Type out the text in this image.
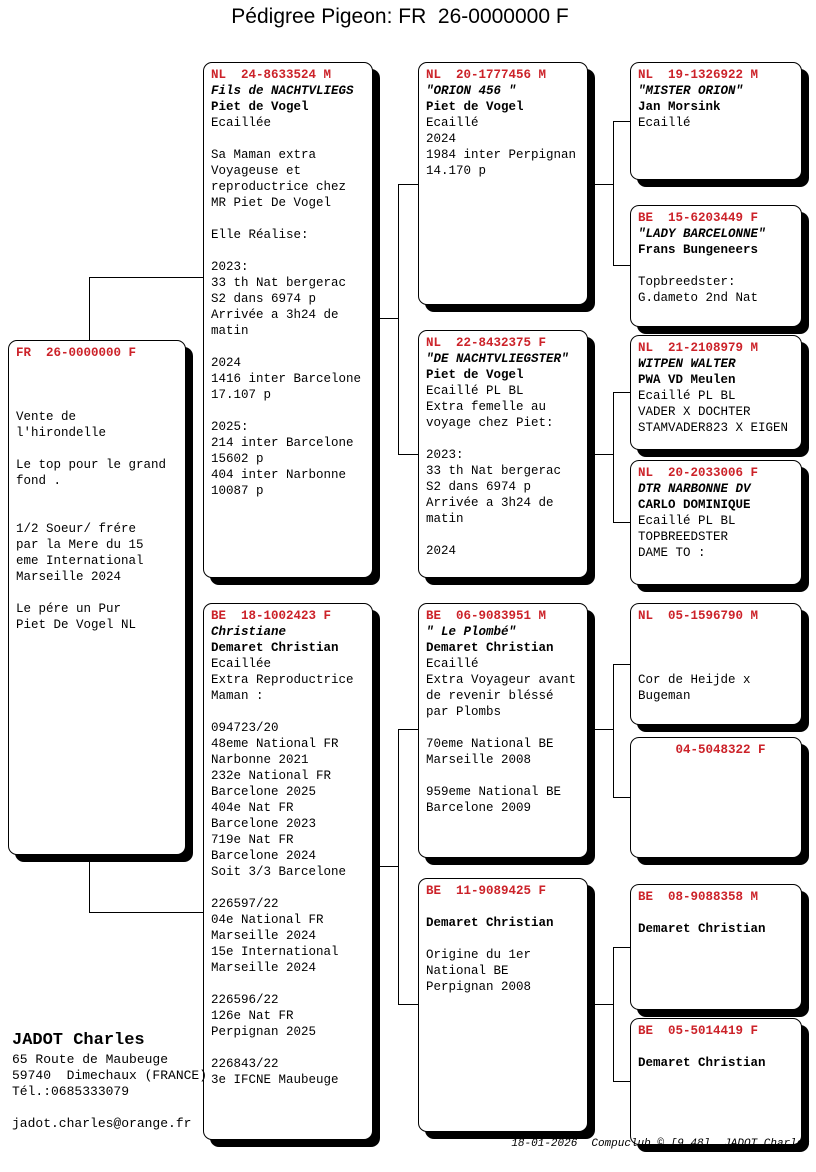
Pédigree Pigeon: FR  26-0000000 F
FR  26-0000000 F

Vente de
l'hirondelle

Le top pour le grand
fond .

1/2 Soeur/ frére
par la Mere du 15
eme International
Marseille 2024

Le pére un Pur
Piet De Vogel NL
NL  24-8633524 M
Fils de NACHTVLIEGS
Piet de Vogel
Ecaillée

Sa Maman extra
Voyageuse et
reproductrice chez
MR Piet De Vogel

Elle Réalise:

2023:
33 th Nat bergerac
S2 dans 6974 p
Arrivée a 3h24 de
matin

2024
1416 inter Barcelone
17.107 p

2025:
214 inter Barcelone
15602 p
404 inter Narbonne
10087 p
BE  18-1002423 F
Christiane
Demaret Christian
Ecaillée
Extra Reproductrice
Maman :

094723/20
48eme National FR
Narbonne 2021
232e National FR
Barcelone 2025
404e Nat FR
Barcelone 2023
719e Nat FR
Barcelone 2024
Soit 3/3 Barcelone

226597/22
04e National FR
Marseille 2024
15e International
Marseille 2024

226596/22
126e Nat FR
Perpignan 2025

226843/22
3e IFCNE Maubeuge
NL  20-1777456 M
"ORION 456 "
Piet de Vogel
Ecaillé
2024
1984 inter Perpignan
14.170 p
NL  22-8432375 F
"DE NACHTVLIEGSTER"
Piet de Vogel
Ecaillé PL BL
Extra femelle au
voyage chez Piet:

2023:
33 th Nat bergerac
S2 dans 6974 p
Arrivée a 3h24 de
matin

2024
BE  06-9083951 M
" Le Plombé"
Demaret Christian
Ecaillé
Extra Voyageur avant
de revenir bléssé
par Plombs

70eme National BE
Marseille 2008

959eme National BE
Barcelone 2009
BE  11-9089425 F

Demaret Christian

Origine du 1er
National BE
Perpignan 2008
NL  19-1326922 M
"MISTER ORION"
Jan Morsink
Ecaillé
BE  15-6203449 F
"LADY BARCELONNE"
Frans Bungeneers

Topbreedster:
G.dameto 2nd Nat
NL  21-2108979 M
WITPEN WALTER
PWA VD Meulen
Ecaillé PL BL
VADER X DOCHTER
STAMVADER823 X EIGEN
NL  20-2033006 F
DTR NARBONNE DV
CARLO DOMINIQUE
Ecaillé PL BL
TOPBREEDSTER
DAME TO :
NL  05-1596790 M

Cor de Heijde x
Bugeman
04-5048322 F
BE  08-9088358 M

Demaret Christian
BE  05-5014419 F

Demaret Christian
JADOT Charles
65 Route de Maubeuge
59740  Dimechaux (FRANCE)
Tél.:0685333079
jadot.charles@orange.fr
18-01-2026 Compuclub © [9.48] JADOT Charles
